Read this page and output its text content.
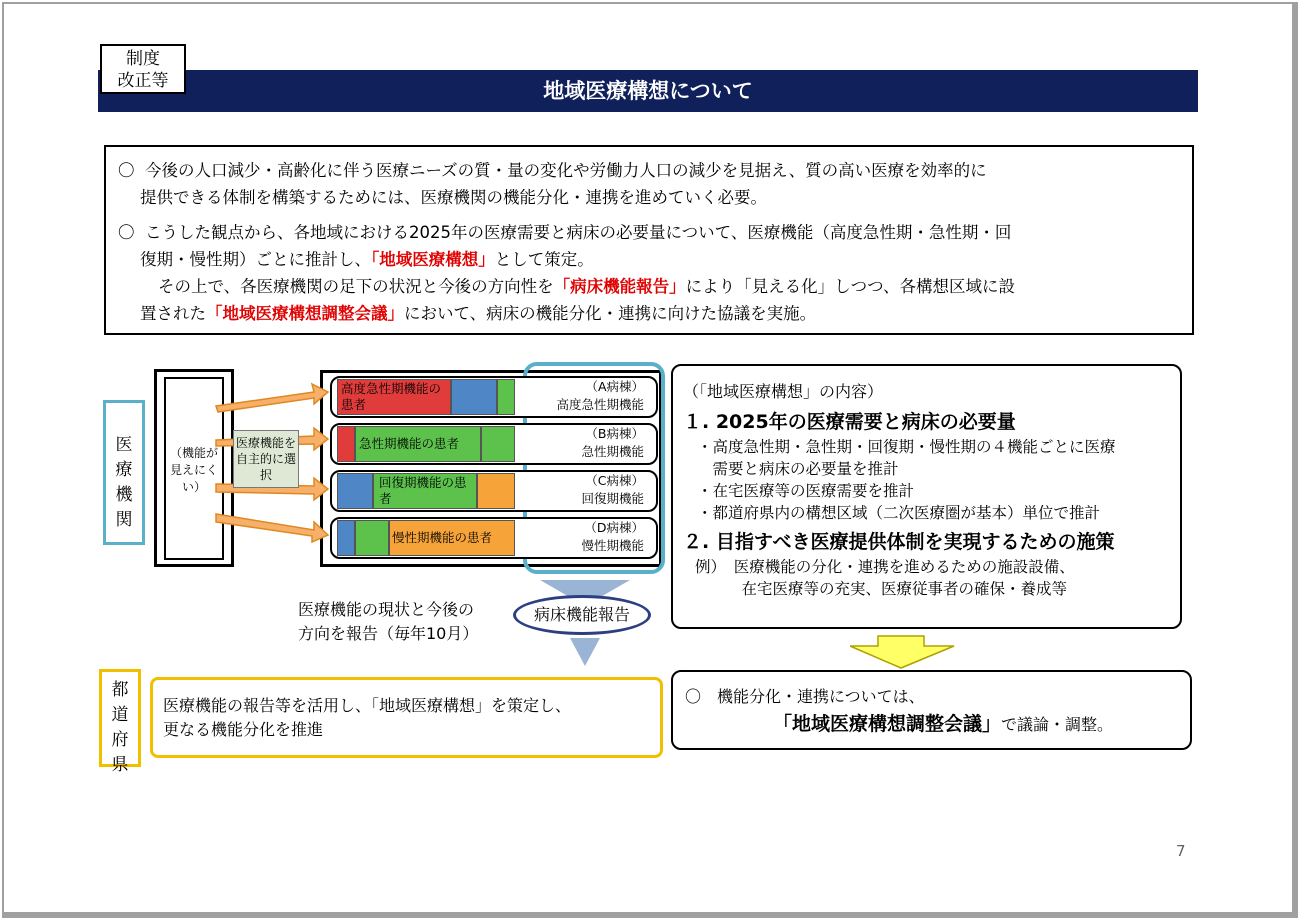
地域医療構想について
制度
改正等

〇 今後の人口減少・高齢化に伴う医療ニーズの質・量の変化や労働力人口の減少を見据え、質の高い医療を効率的に
提供できる体制を構築するためには、医療機関の機能分化・連携を進めていく必要。

〇 こうした観点から、各地域における2025年の医療需要と病床の必要量について、医療機能（高度急性期・急性期・回
復期・慢性期）ごとに推計し、「地域医療構想」として策定。
その上で、各医療機関の足下の状況と今後の方向性を「病床機能報告」により「見える化」しつつ、各構想区域に設
置された「地域医療構想調整会議」において、病床の機能分化・連携に向けた協議を実施。

医
療
機
関
（機能が見えにくい）
医療機能を自主的に選択
高度急性期機能の患者
（A病棟）
高度急性期機能
急性期機能の患者
（B病棟）
急性期機能
回復期機能の患者
（C病棟）
回復期機能
慢性期機能の患者
（D病棟）
慢性期機能
医療機能の現状と今後の
方向を報告（毎年10月）
病床機能報告
都
道
府
県
医療機能の報告等を活用し、「地域医療構想」を策定し、
更なる機能分化を推進
（「地域医療構想」の内容）
１. 2025年の医療需要と病床の必要量
・高度急性期・急性期・回復期・慢性期の４機能ごとに医療
　需要と病床の必要量を推計
・在宅医療等の医療需要を推計
・都道府県内の構想区域（二次医療圏が基本）単位で推計
２. 目指すべき医療提供体制を実現するための施策
例）　医療機能の分化・連携を進めるための施設設備、
　　　在宅医療等の充実、医療従事者の確保・養成等
〇　機能分化・連携については、
「地域医療構想調整会議」で議論・調整。
7
